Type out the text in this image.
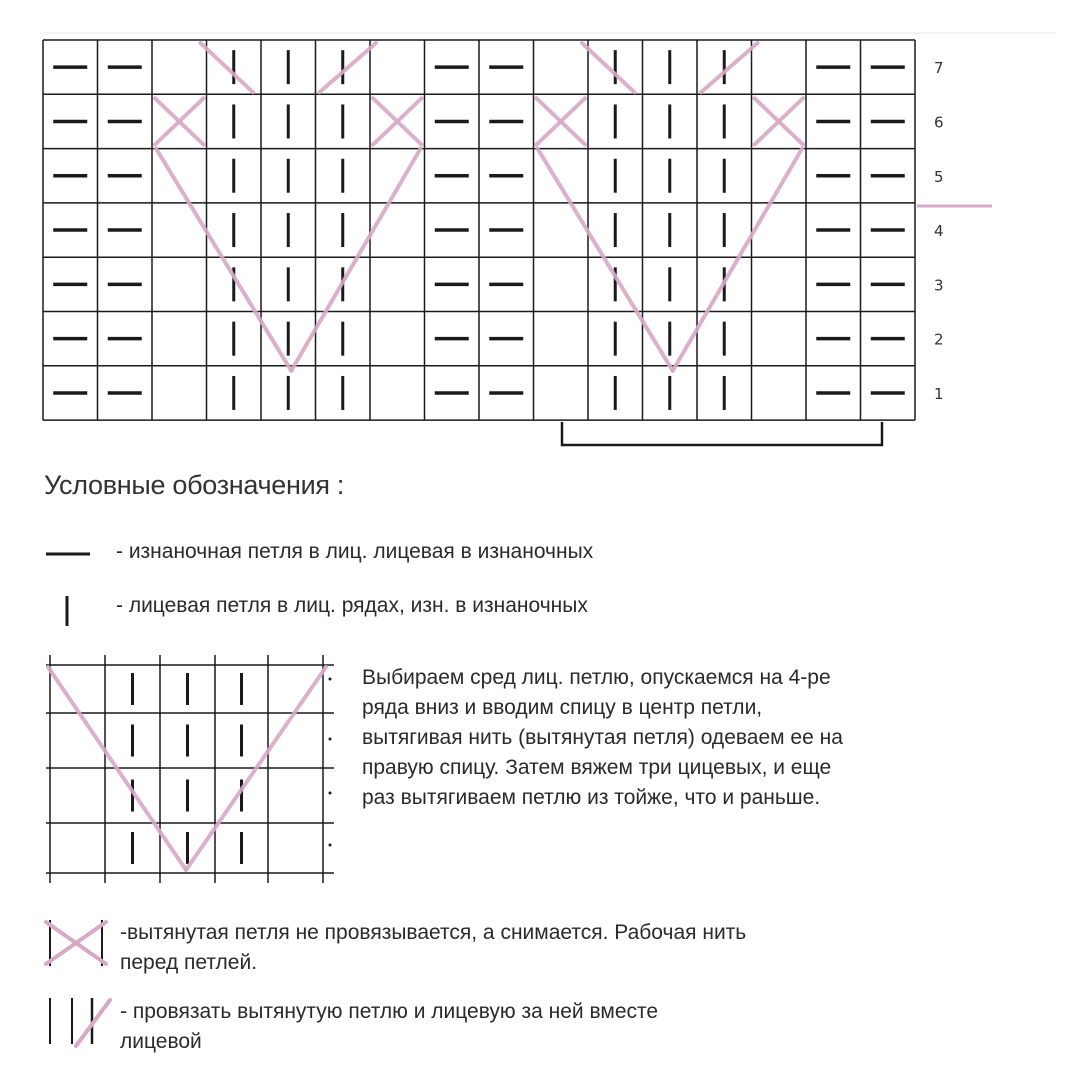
7
6
5
4
3
2
1
Условные обозначения :
- изнаночная петля в лиц. лицевая в изнаночных
- лицевая петля в лиц. рядах, изн. в изнаночных

Выбираем сред лиц. петлю, опускаемся на 4-ре

ряда вниз и вводим спицу в центр петли,

вытягивая нить (вытянутая петля) одеваем ее на

правую спицу. Затем вяжем три цицевых, и еще

раз вытягиваем петлю из тойже, что и раньше.

-вытянутая петля не провязывается, а снимается. Рабочая нить
перед петлей.
- провязать вытянутую петлю и лицевую за ней вместе
лицевой
